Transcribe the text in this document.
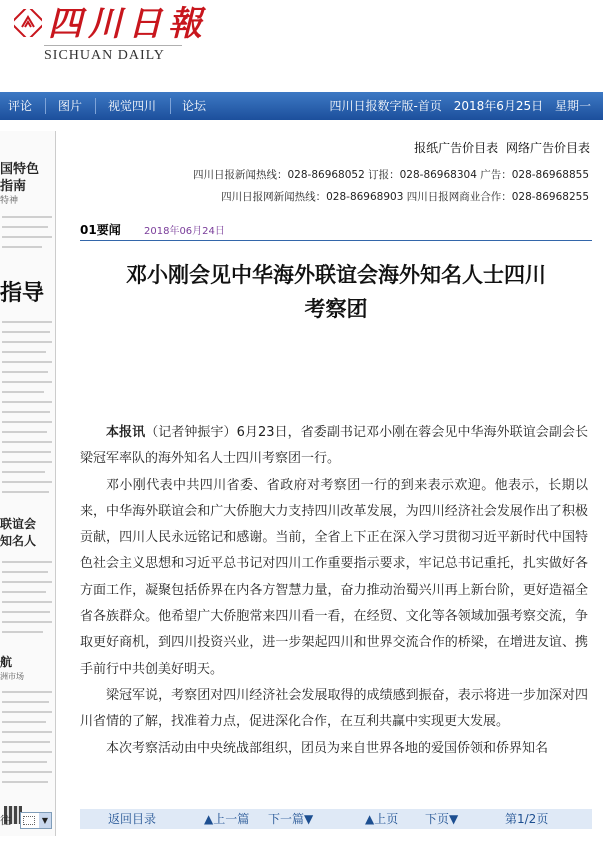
四川日報
SICHUAN DAILY
评论 图片 视觉四川 论坛	四川日报数字版-首页 2018年6月25日 星期一
国特色
指南
特神
指导
联谊会
知名人
航
洲市场
报纸广告价目表 网络广告价目表
四川日报新闻热线：028-86968052 订报：028-86968304 广告：028-86968855
四川日报网新闻热线：028-86968903 四川日报网商业合作：028-86968255
01要闻 2018年06月24日
邓小刚会见中华海外联谊会海外知名人士四川
考察团

本报讯（记者钟振宇）6月23日，省委副书记邓小刚在蓉会见中华海外联谊会副会长梁冠军率队的海外知名人士四川考察团一行。

邓小刚代表中共四川省委、省政府对考察团一行的到来表示欢迎。他表示，长期以来，中华海外联谊会和广大侨胞大力支持四川改革发展，为四川经济社会发展作出了积极贡献，四川人民永远铭记和感谢。当前，全省上下正在深入学习贯彻习近平新时代中国特色社会主义思想和习近平总书记对四川工作重要指示要求，牢记总书记重托，扎实做好各方面工作，凝聚包括侨界在内各方智慧力量，奋力推动治蜀兴川再上新台阶，更好造福全省各族群众。他希望广大侨胞常来四川看一看，在经贸、文化等各领域加强考察交流，争取更好商机，到四川投资兴业，进一步架起四川和世界交流合作的桥梁，在增进友谊、携手前行中共创美好明天。

梁冠军说，考察团对四川经济社会发展取得的成绩感到振奋，表示将进一步加深对四川省情的了解，找准着力点，促进深化合作，在互利共赢中实现更大发展。

本次考察活动由中央统战部组织，团员为来自世界各地的爱国侨领和侨界知名

往	▼	返回目录	▲上一篇 下一篇▼	▲上页 下页▼	第1/2页
